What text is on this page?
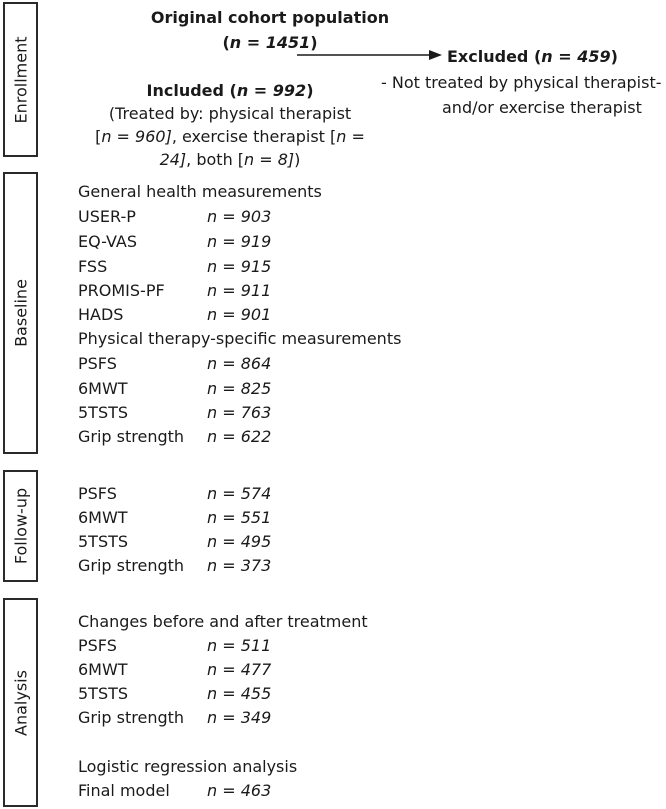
Enrollment
Baseline
Follow-up
Analysis
Original cohort population
(n = 1451)
Excluded (n = 459)
- Not treated by physical therapist-
and/or exercise therapist
Included (n = 992)
(Treated by: physical therapist
[n = 960], exercise therapist [n =
24], both [n = 8])
General health measurements
USER-P	n = 903
EQ-VAS	n = 919
FSS	n = 915
PROMIS-PF	n = 911
HADS	n = 901
Physical therapy-specific measurements
PSFS	n = 864
6MWT	n = 825
5TSTS	n = 763
Grip strength n = 622
PSFS	n = 574
6MWT	n = 551
5TSTS	n = 495
Grip strength n = 373
Changes before and after treatment
PSFS	n = 511
6MWT	n = 477
5TSTS	n = 455
Grip strength n = 349
Logistic regression analysis
Final model n = 463
